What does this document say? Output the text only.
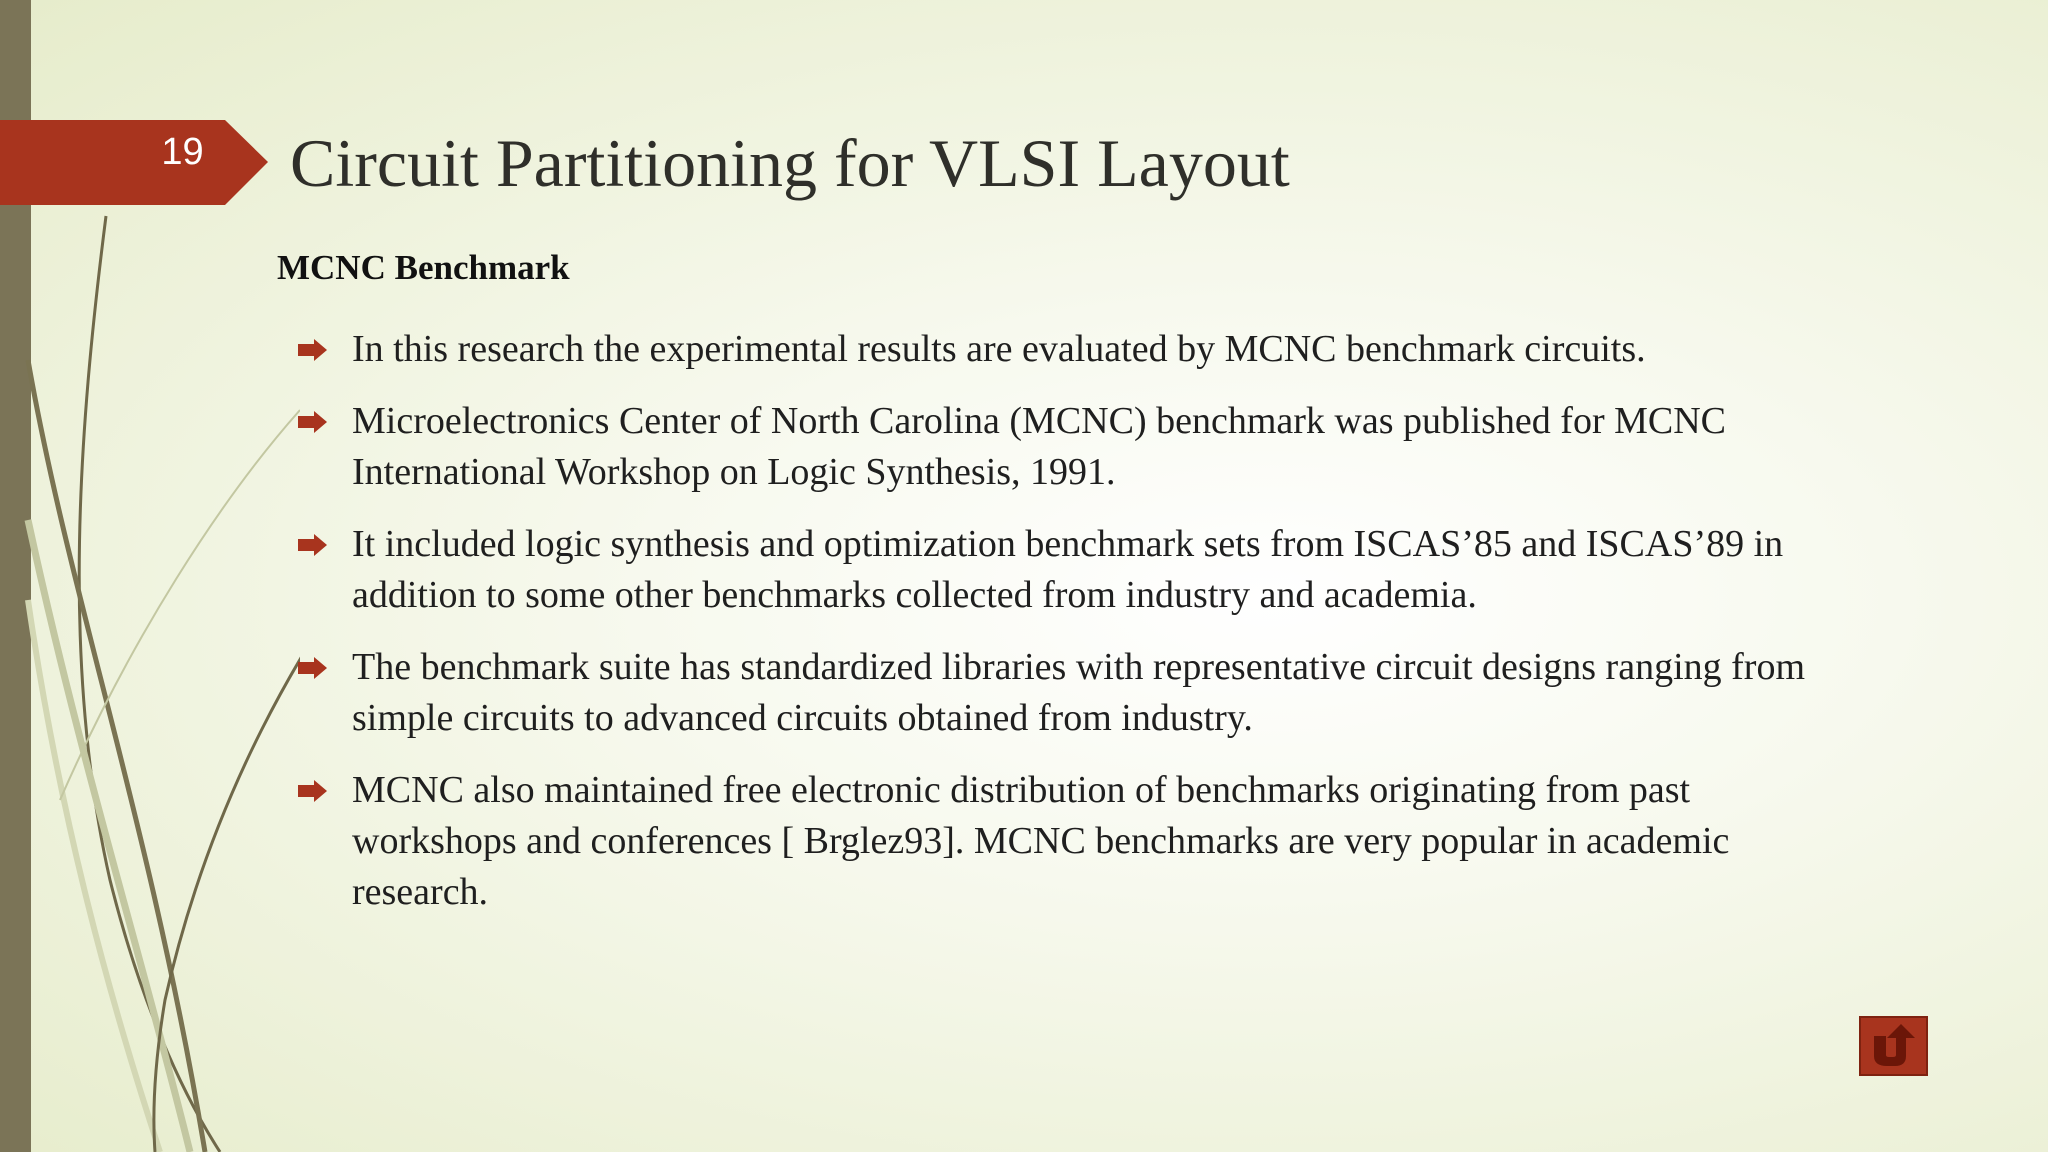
19	Circuit Partitioning for VLSI Layout
MCNC Benchmark
In this research the experimental results are evaluated by MCNC benchmark circuits.
Microelectronics Center of North Carolina (MCNC) benchmark was published for MCNC International Workshop on Logic Synthesis, 1991.
It included logic synthesis and optimization benchmark sets from ISCAS’85 and ISCAS’89 in addition to some other benchmarks collected from industry and academia.
The benchmark suite has standardized libraries with representative circuit designs ranging from simple circuits to advanced circuits obtained from industry.
MCNC also maintained free electronic distribution of benchmarks originating from past workshops and conferences [ Brglez93]. MCNC benchmarks are very popular in academic research.
